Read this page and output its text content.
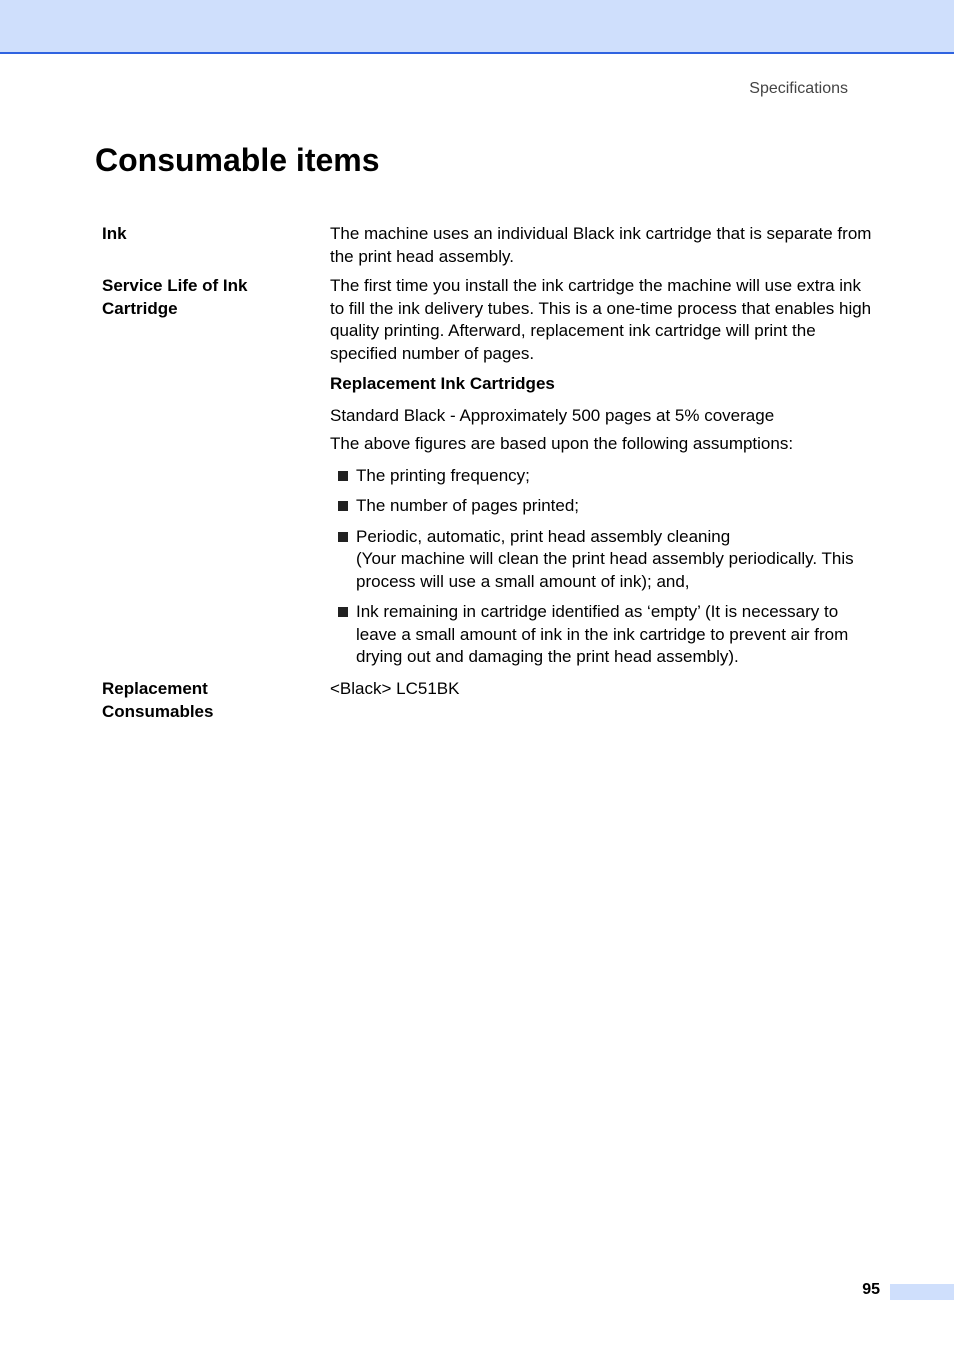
Specifications
Consumable items
Ink	The machine uses an individual Black ink cartridge that is separate from the print head assembly.

Service Life of Ink Cartridge

The first time you install the ink cartridge the machine will use extra ink to fill the ink delivery tubes. This is a one-time process that enables high quality printing. Afterward, replacement ink cartridge will print the specified number of pages.

Replacement Ink Cartridges

Standard Black - Approximately 500 pages at 5% coverage

The above figures are based upon the following assumptions:

The printing frequency;
The number of pages printed;
Periodic, automatic, print head assembly cleaning
(Your machine will clean the print head assembly periodically. This process will use a small amount of ink); and,
Ink remaining in cartridge identified as ‘empty’ (It is necessary to leave a small amount of ink in the ink cartridge to prevent air from drying out and damaging the print head assembly).
Replacement Consumables

<Black> LC51BK

95
